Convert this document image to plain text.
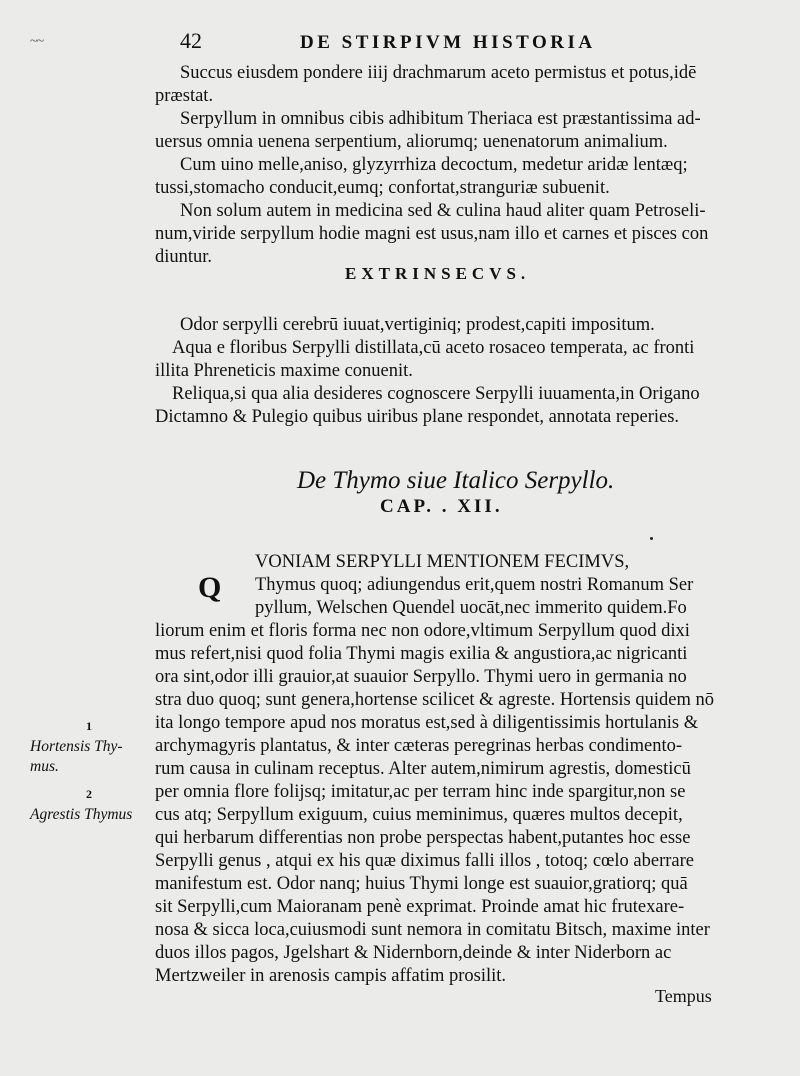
~~	42	DE STIRPIVM HISTORIA
Succus eiusdem pondere iiij drachmarum aceto permistus et potus,idē
præstat.
Serpyllum in omnibus cibis adhibitum Theriaca est præstantissima ad-
uersus omnia uenena serpentium, aliorumq; uenenatorum animalium.
Cum uino melle,aniso, glyzyrrhiza decoctum, medetur aridæ lentæq;
tussi,stomacho conducit,eumq; confortat,stranguriæ subuenit.
Non solum autem in medicina sed & culina haud aliter quam Petroseli-
num,viride serpyllum hodie magni est usus,nam illo et carnes et pisces con
diuntur.
EXTRINSECVS.
Odor serpylli cerebrū iuuat,vertiginiq; prodest,capiti impositum.
Aqua e floribus Serpylli distillata,cū aceto rosaceo temperata, ac fronti
illita Phreneticis maxime conuenit.
Reliqua,si qua alia desideres cognoscere Serpylli iuuamenta,in Origano
Dictamno & Pulegio quibus uiribus plane respondet, annotata reperies.
De Thymo siue Italico Serpyllo.
CAP. . XII.
Q
VONIAM SERPYLLI MENTIONEM FECIMVS,
Thymus quoq; adiungendus erit,quem nostri Romanum Ser
pyllum, Welschen Quendel uocāt,nec immerito quidem.Fo
liorum enim et floris forma nec non odore,vltimum Serpyllum quod dixi
mus refert,nisi quod folia Thymi magis exilia & angustiora,ac nigricanti
ora sint,odor illi grauior,at suauior Serpyllo. Thymi uero in germania no
stra duo quoq; sunt genera,hortense scilicet & agreste. Hortensis quidem nō
ita longo tempore apud nos moratus est,sed à diligentissimis hortulanis &
archymagyris plantatus, & inter cæteras peregrinas herbas condimento-
rum causa in culinam receptus. Alter autem,nimirum agrestis, domesticū
per omnia flore folijsq; imitatur,ac per terram hinc inde spargitur,non se
cus atq; Serpyllum exiguum, cuius meminimus, quæres multos decepit,
qui herbarum differentias non probe perspectas habent,putantes hoc esse
Serpylli genus , atqui ex his quæ diximus falli illos , totoq; cœlo aberrare
manifestum est. Odor nanq; huius Thymi longe est suauior,gratiorq; quā
sit Serpylli,cum Maioranam penè exprimat. Proinde amat hic frutexare-
nosa & sicca loca,cuiusmodi sunt nemora in comitatu Bitsch, maxime inter
duos illos pagos, Jgelshart & Nidernborn,deinde & inter Niderborn ac
Mertzweiler in arenosis campis affatim prosilit.
1
Hortensis Thy-
mus.
2
Agrestis Thymus
Tempus
